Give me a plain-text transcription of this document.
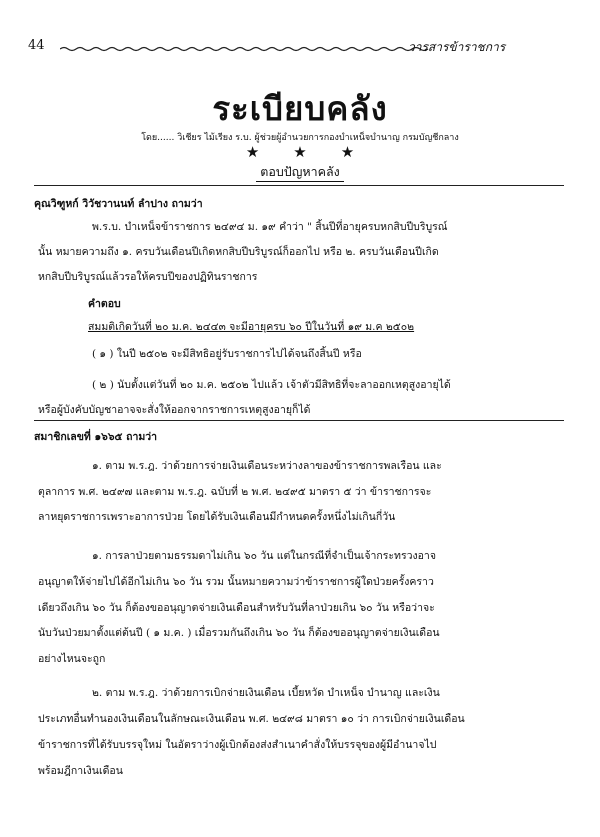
44	วารสารข้าราชการ
ระเบียบคลัง
โดย...... วิเชียร ไม้เรียง ร.บ. ผู้ช่วยผู้อำนวยการกองบำเหน็จบำนาญ กรมบัญชีกลาง
★★★
ตอบปัญหาคลัง
คุณวิฑูหก์ วิวัชวานนท์ ลำปาง ถามว่า
พ.ร.บ. บำเหน็จข้าราชการ ๒๔๙๔ ม. ๑๙ คำว่า " สิ้นปีที่อายุครบหกสิบปีบริบูรณ์
นั้น หมายความถึง ๑. ครบวันเดือนปีเกิดหกสิบปีบริบูรณ์ก็ออกไป หรือ ๒. ครบวันเดือนปีเกิด
หกสิบปีบริบูรณ์แล้วรอให้ครบปีของปฏิทินราชการ
คำตอบ
สมมติเกิดวันที่ ๒๐ ม.ค. ๒๔๔๓ จะมีอายุครบ ๖๐ ปีในวันที่ ๑๙ ม.ค ๒๕๐๒
( ๑ ) ในปี ๒๕๐๒ จะมีสิทธิอยู่รับราชการไปได้จนถึงสิ้นปี หรือ
( ๒ ) นับตั้งแต่วันที่ ๒๐ ม.ค. ๒๕๐๒ ไปแล้ว เจ้าตัวมีสิทธิที่จะลาออกเหตุสูงอายุได้
หรือผู้บังคับบัญชาอาจจะสั่งให้ออกจากราชการเหตุสูงอายุก็ได้
สมาชิกเลขที่ ๑๖๖๕ ถามว่า
๑. ตาม พ.ร.ฎ. ว่าด้วยการจ่ายเงินเดือนระหว่างลาของข้าราชการพลเรือน และ
ตุลาการ พ.ศ. ๒๔๙๗ และตาม พ.ร.ฎ. ฉบับที่ ๒ พ.ศ. ๒๔๙๕ มาตรา ๕ ว่า ข้าราชการจะ
ลาหยุดราชการเพราะอาการป่วย โดยได้รับเงินเดือนมีกำหนดครั้งหนึ่งไม่เกินกี่วัน
๑. การลาป่วยตามธรรมดาไม่เกิน ๖๐ วัน แต่ในกรณีที่จำเป็นเจ้ากระทรวงอาจ
อนุญาตให้จ่ายไปได้อีกไม่เกิน ๖๐ วัน รวม นั้นหมายความว่าข้าราชการผู้ใดป่วยครั้งคราว
เดียวถึงเกิน ๖๐ วัน ก็ต้องขออนุญาตจ่ายเงินเดือนสำหรับวันที่ลาป่วยเกิน ๖๐ วัน หรือว่าจะ
นับวันป่วยมาตั้งแต่ต้นปี ( ๑ ม.ค. ) เมื่อรวมกันถึงเกิน ๖๐ วัน ก็ต้องขออนุญาตจ่ายเงินเดือน
อย่างไหนจะถูก
๒. ตาม พ.ร.ฎ. ว่าด้วยการเบิกจ่ายเงินเดือน เบี้ยหวัด บำเหน็จ บำนาญ และเงิน
ประเภทอื่นทำนองเงินเดือนในลักษณะเงินเดือน พ.ศ. ๒๔๙๘ มาตรา ๑๐ ว่า การเบิกจ่ายเงินเดือน
ข้าราชการที่ได้รับบรรจุใหม่ ในอัตราว่างผู้เบิกต้องส่งสำเนาคำสั่งให้บรรจุของผู้มีอำนาจไป
พร้อมฎีกาเงินเดือน
